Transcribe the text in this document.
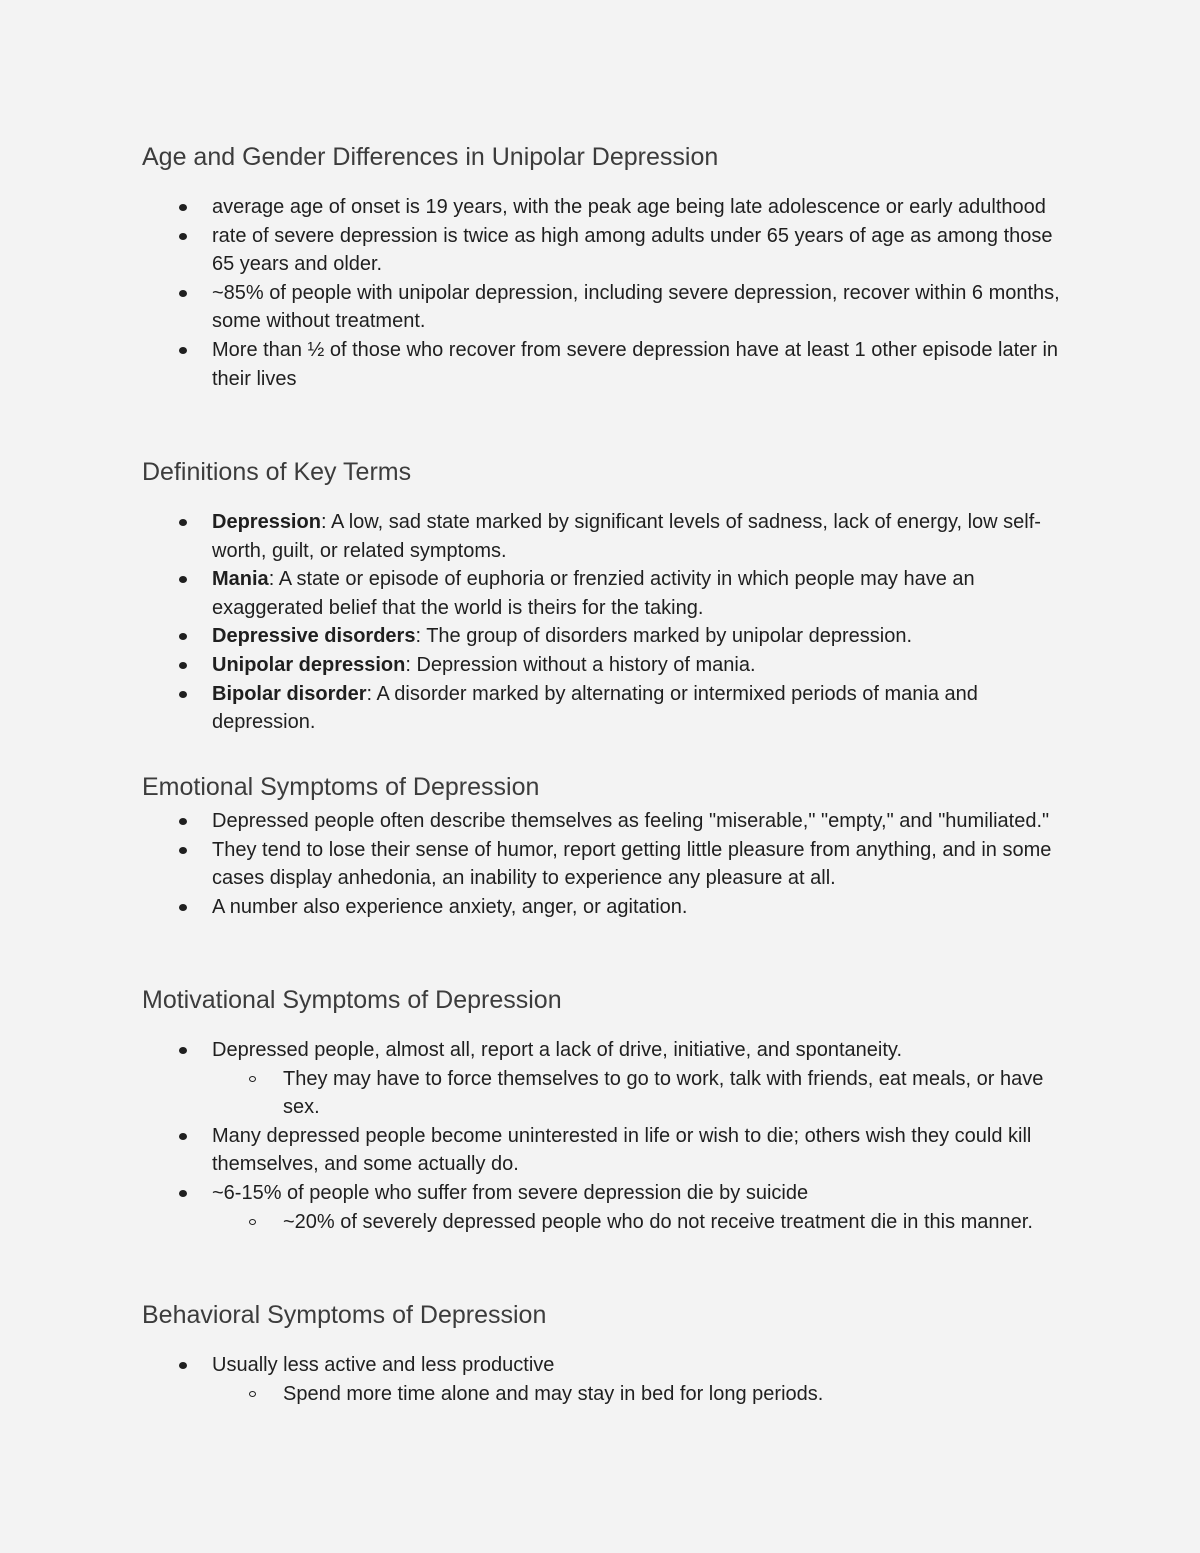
Age and Gender Differences in Unipolar Depression
average age of onset is 19 years, with the peak age being late adolescence or early adulthood
rate of severe depression is twice as high among adults under 65 years of age as among those 65 years and older.
~85% of people with unipolar depression, including severe depression, recover within 6 months, some without treatment.
More than ½ of those who recover from severe depression have at least 1 other episode later in their lives
Definitions of Key Terms
Depression: A low, sad state marked by significant levels of sadness, lack of energy, low self-worth, guilt, or related symptoms.
Mania: A state or episode of euphoria or frenzied activity in which people may have an exaggerated belief that the world is theirs for the taking.
Depressive disorders: The group of disorders marked by unipolar depression.
Unipolar depression: Depression without a history of mania.
Bipolar disorder: A disorder marked by alternating or intermixed periods of mania and depression.
Emotional Symptoms of Depression
Depressed people often describe themselves as feeling "miserable," "empty," and "humiliated."
They tend to lose their sense of humor, report getting little pleasure from anything, and in some cases display anhedonia, an inability to experience any pleasure at all.
A number also experience anxiety, anger, or agitation.
Motivational Symptoms of Depression
Depressed people, almost all, report a lack of drive, initiative, and spontaneity.
They may have to force themselves to go to work, talk with friends, eat meals, or have sex.
Many depressed people become uninterested in life or wish to die; others wish they could kill themselves, and some actually do.
~6-15% of people who suffer from severe depression die by suicide
~20% of severely depressed people who do not receive treatment die in this manner.
Behavioral Symptoms of Depression
Usually less active and less productive
Spend more time alone and may stay in bed for long periods.
